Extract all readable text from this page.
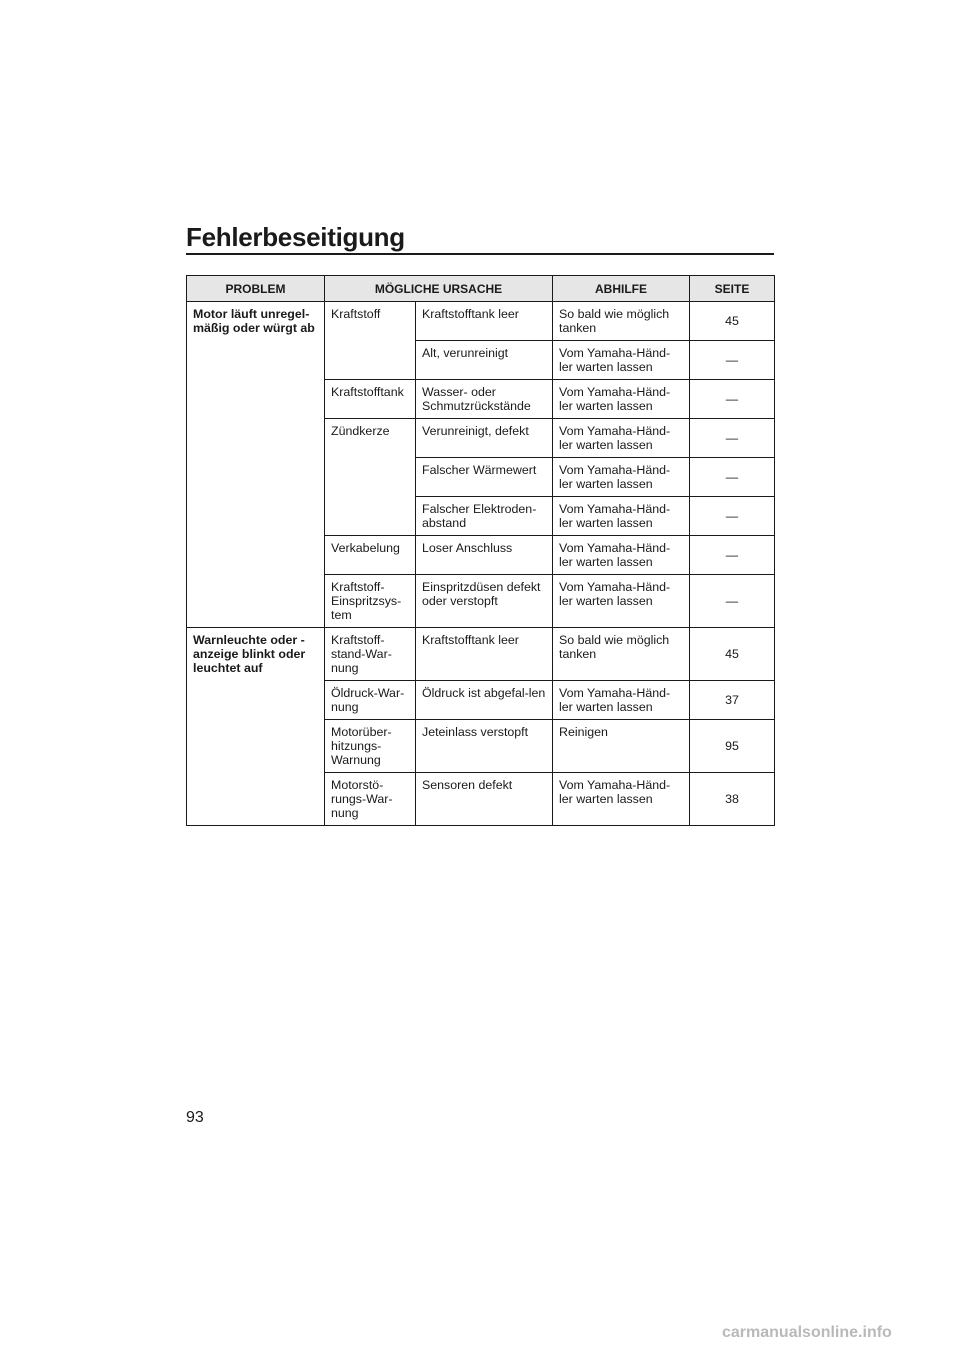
Fehlerbeseitigung
PROBLEM	MÖGLICHE URSACHE		ABHILFE	SEITE
Motor läuft unregel-mäßig oder würgt ab	Kraftstoff	Kraftstofftank leer	So bald wie möglich tanken	45
		Alt, verunreinigt	Vom Yamaha-Händ-ler warten lassen	—
	Kraftstofftank	Wasser- oder Schmutzrückstände	Vom Yamaha-Händ-ler warten lassen	—
	Zündkerze	Verunreinigt, defekt	Vom Yamaha-Händ-ler warten lassen	—
		Falscher Wärmewert	Vom Yamaha-Händ-ler warten lassen	—
		Falscher Elektroden-abstand	Vom Yamaha-Händ-ler warten lassen	—
	Verkabelung	Loser Anschluss	Vom Yamaha-Händ-ler warten lassen	—
	Kraftstoff-Einspritzsys-tem	Einspritzdüsen defekt oder verstopft	Vom Yamaha-Händ-ler warten lassen	—
Warnleuchte oder -anzeige blinkt oder leuchtet auf	Kraftstoff-stand-War-nung	Kraftstofftank leer	So bald wie möglich tanken	45
	Öldruck-War-nung	Öldruck ist abgefal-len	Vom Yamaha-Händ-ler warten lassen	37
	Motorüber-hitzungs-Warnung	Jeteinlass verstopft	Reinigen	95
	Motorstö-rungs-War-nung	Sensoren defekt	Vom Yamaha-Händ-ler warten lassen	38
93
carmanualsonline.info
